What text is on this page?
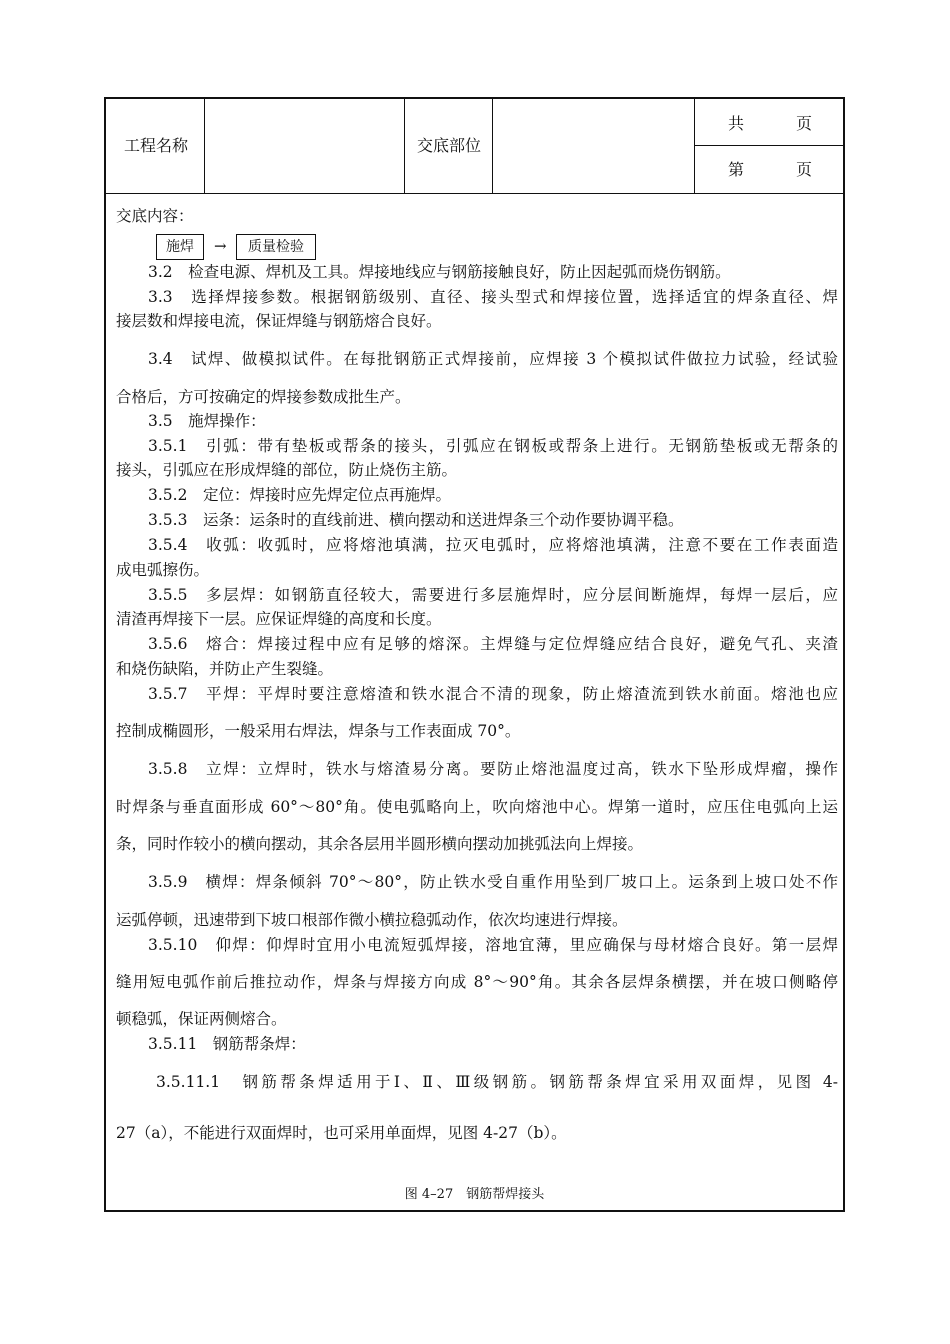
工程名称	交底部位
共	页
第	页
交底内容：
施焊	→	质量检验
3.2　检查电源、焊机及工具。焊接地线应与钢筋接触良好，防止因起弧而烧伤钢筋。
3.3　选择焊接参数。根据钢筋级别、直径、接头型式和焊接位置，选择适宜的焊条直径、焊
接层数和焊接电流，保证焊缝与钢筋熔合良好。
3.4　试焊、做模拟试件。在每批钢筋正式焊接前，应焊接 3 个模拟试件做拉力试验，经试验
合格后，方可按确定的焊接参数成批生产。
3.5　施焊操作：
3.5.1　引弧：带有垫板或帮条的接头，引弧应在钢板或帮条上进行。无钢筋垫板或无帮条的
接头，引弧应在形成焊缝的部位，防止烧伤主筋。
3.5.2　定位：焊接时应先焊定位点再施焊。
3.5.3　运条：运条时的直线前进、横向摆动和送进焊条三个动作要协调平稳。
3.5.4　收弧：收弧时，应将熔池填满，拉灭电弧时，应将熔池填满，注意不要在工作表面造
成电弧擦伤。
3.5.5　多层焊：如钢筋直径较大，需要进行多层施焊时，应分层间断施焊，每焊一层后，应
清渣再焊接下一层。应保证焊缝的高度和长度。
3.5.6　熔合：焊接过程中应有足够的熔深。主焊缝与定位焊缝应结合良好，避免气孔、夹渣
和烧伤缺陷，并防止产生裂缝。
3.5.7　平焊：平焊时要注意熔渣和铁水混合不清的现象，防止熔渣流到铁水前面。熔池也应
控制成椭圆形，一般采用右焊法，焊条与工作表面成 70°。
3.5.8　立焊：立焊时，铁水与熔渣易分离。要防止熔池温度过高，铁水下坠形成焊瘤，操作
时焊条与垂直面形成 60°～80°角。使电弧略向上，吹向熔池中心。焊第一道时，应压住电弧向上运
条，同时作较小的横向摆动，其余各层用半圆形横向摆动加挑弧法向上焊接。
3.5.9　横焊：焊条倾斜 70°～80°，防止铁水受自重作用坠到厂坡口上。运条到上坡口处不作
运弧停顿，迅速带到下坡口根部作微小横拉稳弧动作，依次均速进行焊接。
3.5.10　仰焊：仰焊时宜用小电流短弧焊接，溶地宜薄，里应确保与母材熔合良好。第一层焊
缝用短电弧作前后推拉动作，焊条与焊接方向成 8°～90°角。其余各层焊条横摆，并在坡口侧略停
顿稳弧，保证两侧熔合。
3.5.11　钢筋帮条焊：
3.5.11.1　钢筋帮条焊适用于Ⅰ、Ⅱ、Ⅲ级钢筋。钢筋帮条焊宜采用双面焊，见图 4-
27（a），不能进行双面焊时，也可采用单面焊，见图 4-27（b）。
图 4–27　钢筋帮焊接头
